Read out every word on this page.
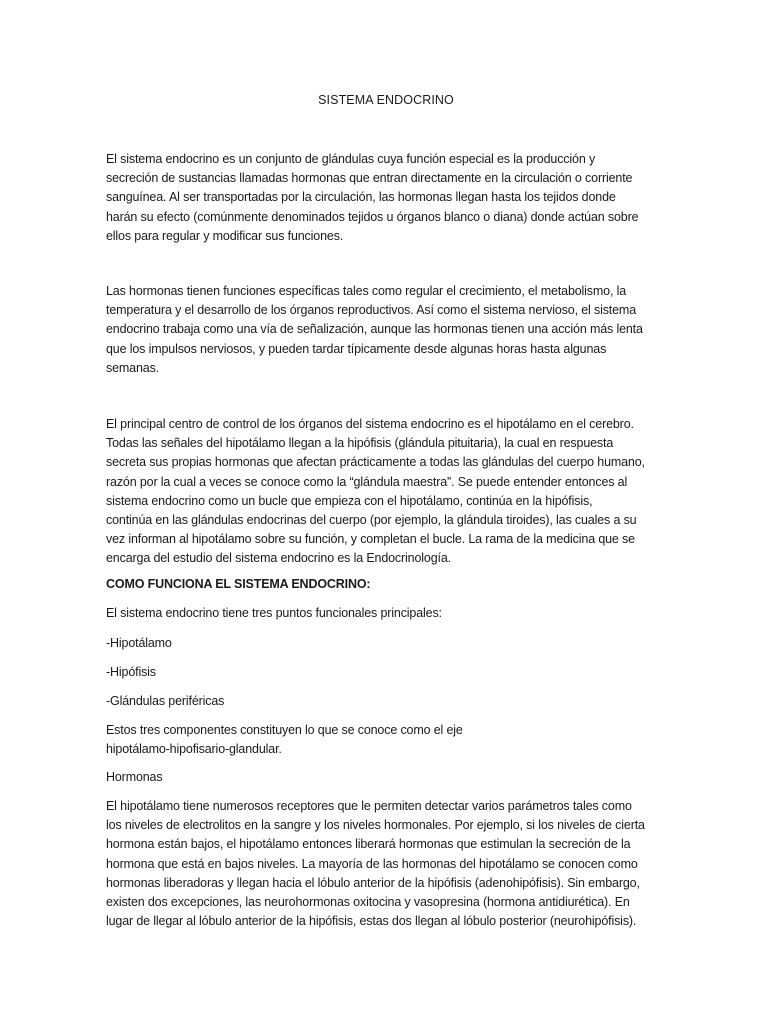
SISTEMA ENDOCRINO

El sistema endocrino es un conjunto de glándulas cuya función especial es la producción y
secreción de sustancias llamadas hormonas que entran directamente en la circulación o corriente
sanguínea. Al ser transportadas por la circulación, las hormonas llegan hasta los tejidos donde
harán su efecto (comúnmente denominados tejidos u órganos blanco o diana) donde actúan sobre
ellos para regular y modificar sus funciones.

Las hormonas tienen funciones específicas tales como regular el crecimiento, el metabolismo, la
temperatura y el desarrollo de los órganos reproductivos. Así como el sistema nervioso, el sistema
endocrino trabaja como una vía de señalización, aunque las hormonas tienen una acción más lenta
que los impulsos nerviosos, y pueden tardar típicamente desde algunas horas hasta algunas
semanas.

El principal centro de control de los órganos del sistema endocrino es el hipotálamo en el cerebro.
Todas las señales del hipotálamo llegan a la hipófisis (glándula pituitaria), la cual en respuesta
secreta sus propias hormonas que afectan prácticamente a todas las glándulas del cuerpo humano,
razón por la cual a veces se conoce como la “glándula maestra”. Se puede entender entonces al
sistema endocrino como un bucle que empieza con el hipotálamo, continúa en la hipófisis,
continúa en las glándulas endocrinas del cuerpo (por ejemplo, la glándula tiroides), las cuales a su
vez informan al hipotálamo sobre su función, y completan el bucle. La rama de la medicina que se
encarga del estudio del sistema endocrino es la Endocrinología.

COMO FUNCIONA EL SISTEMA ENDOCRINO:

El sistema endocrino tiene tres puntos funcionales principales:

-Hipotálamo

-Hipófisis

-Glándulas periféricas

Estos tres componentes constituyen lo que se conoce como el eje
hipotálamo-hipofisario-glandular.

Hormonas

El hipotálamo tiene numerosos receptores que le permiten detectar varios parámetros tales como
los niveles de electrolitos en la sangre y los niveles hormonales. Por ejemplo, si los niveles de cierta
hormona están bajos, el hipotálamo entonces liberará hormonas que estimulan la secreción de la
hormona que está en bajos niveles. La mayoría de las hormonas del hipotálamo se conocen como
hormonas liberadoras y llegan hacia el lóbulo anterior de la hipófisis (adenohipófisis). Sin embargo,
existen dos excepciones, las neurohormonas oxitocina y vasopresina (hormona antidiurética). En
lugar de llegar al lóbulo anterior de la hipófisis, estas dos llegan al lóbulo posterior (neurohipófisis).
